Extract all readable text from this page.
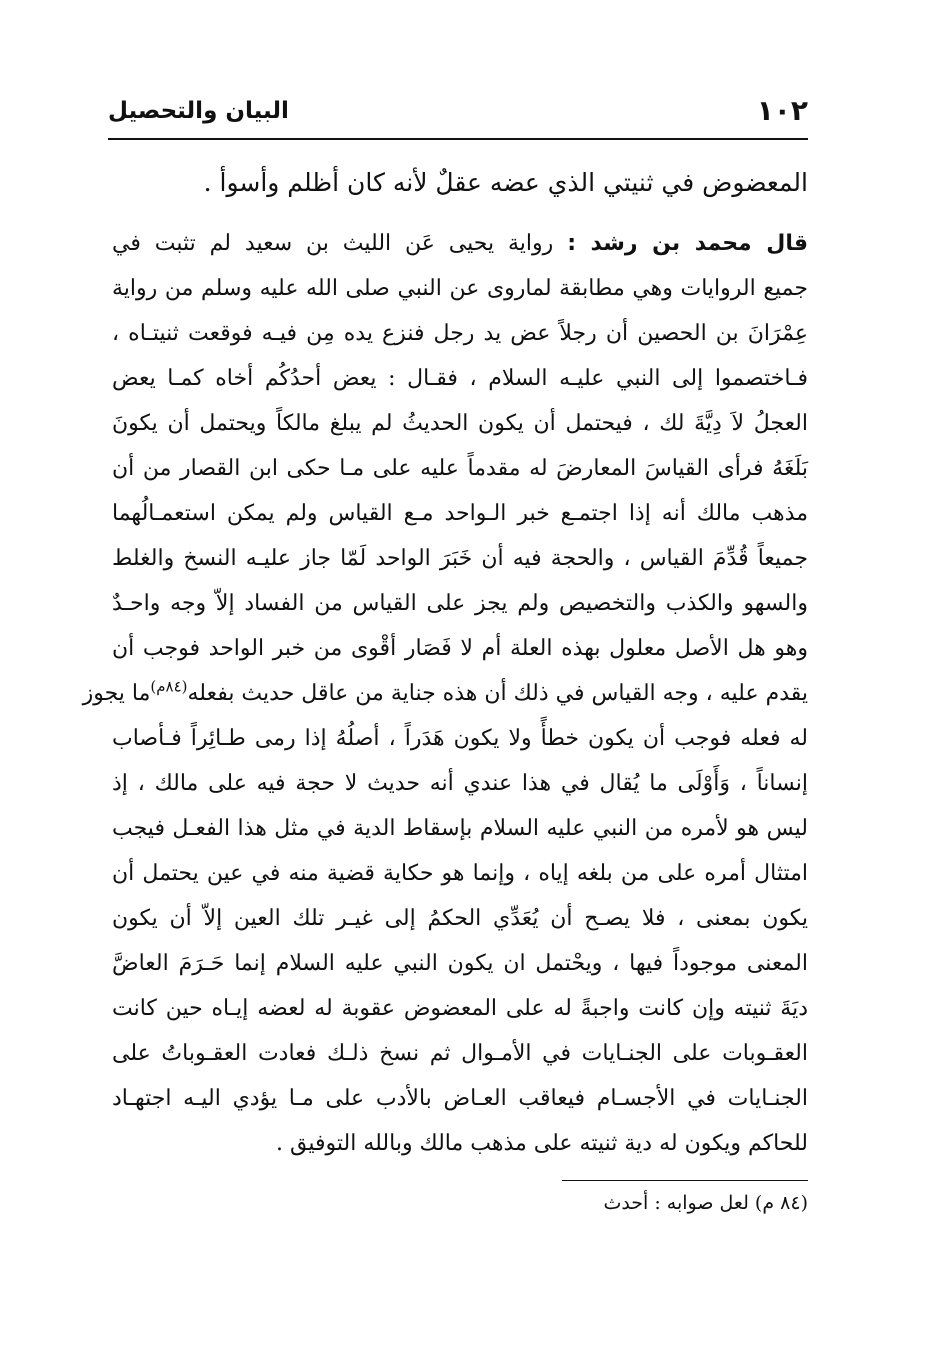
١٠٢
البيان والتحصيل
المعضوض في ثنيتي الذي عضه عقلٌ لأنه كان أظلم وأسوأ .
قال محمد بن رشد : رواية يحيى عَن الليث بن سعيد لم تثبت في
جميع الروايات وهي مطابقة لماروى عن النبي صلى الله عليه وسلم من رواية
عِمْرَانَ بن الحصين أن رجلاً عض يد رجل فنزع يده مِن فيـه فوقعت ثنيتـاه ،
فـاختصموا إلى النبي عليـه السلام ، فقـال : يعض أحدُكُم أخاه كمـا يعض
العجلُ لاَ دِيَّةَ لك ، فيحتمل أن يكون الحديثُ لم يبلغ مالكاً ويحتمل أن يكونَ
بَلَغَهُ فرأى القياسَ المعارضَ له مقدماً عليه على مـا حكى ابن القصار من أن
مذهب مالك أنه إذا اجتمـع خبر الـواحد مـع القياس ولم يمكن استعمـالُهما
جميعاً قُدِّمَ القياس ، والحجة فيه أن خَبَرَ الواحد لَمّا جاز عليـه النسخ والغلط
والسهو والكذب والتخصيص ولم يجز على القياس من الفساد إلاّ وجه واحـدٌ
وهو هل الأصل معلول بهذه العلة أم لا فَصَار أقْوى من خبر الواحد فوجب أن
يقدم عليه ، وجه القياس في ذلك أن هذه جناية من عاقل حديث بفعله$^{(٨٤م)}$ما يجوز
له فعله فوجب أن يكون خطأً ولا يكون هَدَراً ، أصلُهُ إذا رمى طـائِراً فـأصاب
إنساناً ، وَأَوْلَى ما يُقال في هذا عندي أنه حديث لا حجة فيه على مالك ، إذ
ليس هو لأمره من النبي عليه السلام بإسقاط الدية في مثل هذا الفعـل فيجب
امتثال أمره على من بلغه إياه ، وإنما هو حكاية قضية منه في عين يحتمل أن
يكون بمعنى ، فلا يصـح أن يُعَدِّي الحكمُ إلى غيـر تلك العين إلاّ أن يكون
المعنى موجوداً فيها ، ويحْتمل ان يكون النبي عليه السلام إنما حَـرَمَ العاضَّ
ديَةَ ثنيته وإن كانت واجبةً له على المعضوض عقوبة له لعضه إيـاه حين كانت
العقـوبات على الجنـايات في الأمـوال ثم نسخ ذلـك فعادت العقـوباتُ على
الجنـايات في الأجسـام فيعاقب العـاض بالأدب على مـا يؤدي اليـه اجتهـاد
للحاكم ويكون له دية ثنيته على مذهب مالك وبالله التوفيق .
(٨٤ م) لعل صوابه : أحدث
